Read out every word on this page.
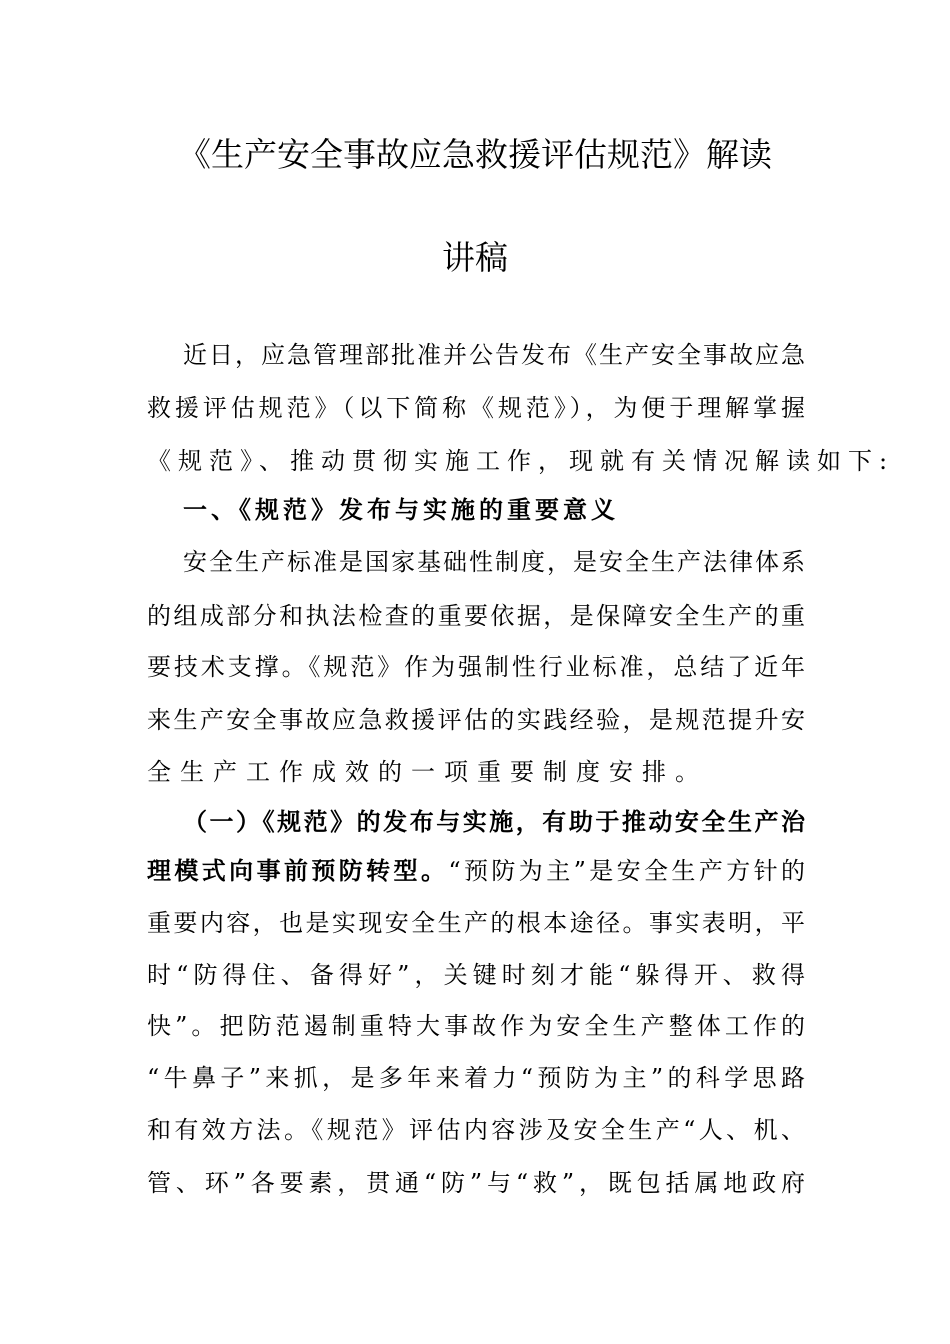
《生产安全事故应急救援评估规范》解读
讲稿
近日，应急管理部批准并公告发布《生产安全事故应急
救援评估规范》（以下简称《规范》），为便于理解掌握
《规范》、推动贯彻实施工作，现就有关情况解读如下:
一、《规范》发布与实施的重要意义
安全生产标准是国家基础性制度，是安全生产法律体系
的组成部分和执法检查的重要依据，是保障安全生产的重
要技术支撑。《规范》作为强制性行业标准，总结了近年
来生产安全事故应急救援评估的实践经验，是规范提升安
全生产工作成效的一项重要制度安排。
（一）《规范》的发布与实施，有助于推动安全生产治
理模式向事前预防转型。“预防为主”是安全生产方针的
重要内容，也是实现安全生产的根本途径。事实表明，平
时“防得住、备得好”，关键时刻才能“躲得开、救得
快”。把防范遏制重特大事故作为安全生产整体工作的
“牛鼻子”来抓，是多年来着力“预防为主”的科学思路
和有效方法。《规范》评估内容涉及安全生产“人、机、
管、环”各要素，贯通“防”与“救”，既包括属地政府
